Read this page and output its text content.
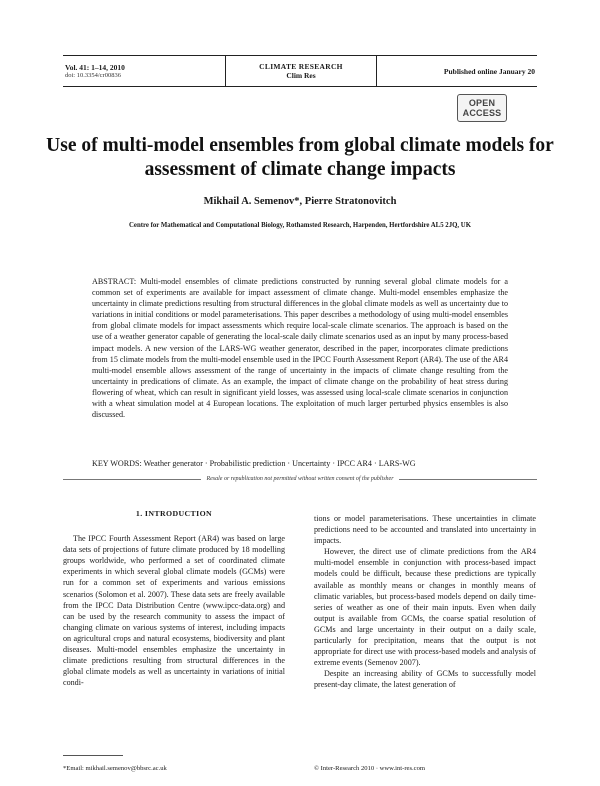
Vol. 41: 1–14, 2010
doi: 10.3354/cr00836
CLIMATE RESEARCH
Clim Res	Published online January 20
OPEN
ACCESS
Use of multi-model ensembles from global climate models for assessment of climate change impacts
Mikhail A. Semenov*, Pierre Stratonovitch
Centre for Mathematical and Computational Biology, Rothamsted Research, Harpenden, Hertfordshire AL5 2JQ, UK
ABSTRACT: Multi-model ensembles of climate predictions constructed by running several global climate models for a common set of experiments are available for impact assessment of climate change. Multi-model ensembles emphasize the uncertainty in climate predictions resulting from structural differences in the global climate models as well as uncertainty due to variations in initial conditions or model parameterisations. This paper describes a methodology of using multi-model ensembles from global climate models for impact assessments which require local-scale climate scenarios. The approach is based on the use of a weather generator capable of generating the local-scale daily climate scenarios used as an input by many process-based impact models. A new version of the LARS-WG weather generator, described in the paper, incorporates climate predictions from 15 climate models from the multi-model ensemble used in the IPCC Fourth Assessment Report (AR4). The use of the AR4 multi-model ensemble allows assessment of the range of uncertainty in the impacts of climate change resulting from the uncertainty in predications of climate. As an example, the impact of climate change on the probability of heat stress during flowering of wheat, which can result in significant yield losses, was assessed using local-scale climate scenarios in conjunction with a wheat simulation model at 4 European locations. The exploitation of much larger perturbed physics ensembles is also discussed.
KEY WORDS: Weather generator · Probabilistic prediction · Uncertainty · IPCC AR4 · LARS-WG
Resale or republication not permitted without written consent of the publisher
1. INTRODUCTION

The IPCC Fourth Assessment Report (AR4) was based on large data sets of projections of future climate produced by 18 modelling groups worldwide, who performed a set of coordinated climate experiments in which several global climate models (GCMs) were run for a common set of experiments and various emissions scenarios (Solomon et al. 2007). These data sets are freely available from the IPCC Data Distribution Centre (www.ipcc-data.org) and can be used by the research community to assess the impact of changing climate on various systems of interest, including impacts on agricultural crops and natural ecosystems, biodiversity and plant diseases. Multi-model ensembles emphasize the uncertainty in climate predictions resulting from structural differences in the global climate models as well as uncertainty in variations of initial condi-

tions or model parameterisations. These uncertainties in climate predictions need to be accounted and translated into uncertainty in impacts.

However, the direct use of climate predictions from the AR4 multi-model ensemble in conjunction with process-based impact models could be difficult, because these predictions are typically available as monthly means or changes in monthly means of climatic variables, but process-based models depend on daily time-series of weather as one of their main inputs. Even when daily output is available from GCMs, the coarse spatial resolution of GCMs and large uncertainty in their output on a daily scale, particularly for precipitation, means that the output is not appropriate for direct use with process-based models and analysis of extreme events (Semenov 2007).

Despite an increasing ability of GCMs to successfully model present-day climate, the latest generation of

*Email: mikhail.semenov@bbsrc.ac.uk	© Inter-Research 2010 · www.int-res.com
